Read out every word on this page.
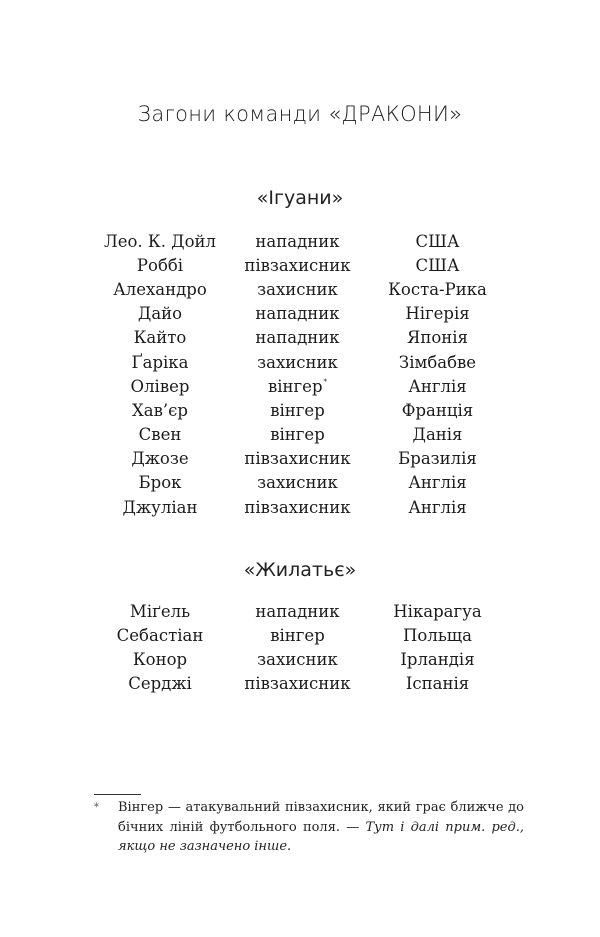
Загони команди «ДРАКОНИ»
«Ігуани»
Лео. К. Дойл	нападник	США
Роббі	півзахисник	США
Алехандро	захисник	Коста-Рика
Дайо	нападник	Нігерія
Кайто	нападник	Японія
Ґаріка	захисник	Зімбабве
Олівер	вінгер*	Англія
Хав’єр	вінгер	Франція
Свен	вінгер	Данія
Джозе	півзахисник	Бразилія
Брок	захисник	Англія
Джуліан	півзахисник	Англія
«Жилатьє»
Міґель	нападник	Нікарагуа
Себастіан	вінгер	Польща
Конор	захисник	Ірландія
Серджі	півзахисник	Іспанія
* Вінгер — атакувальний півзахисник, який грає ближче до бічних ліній футбольного поля. — Тут і далі прим. ред., якщо не зазначено інше.
